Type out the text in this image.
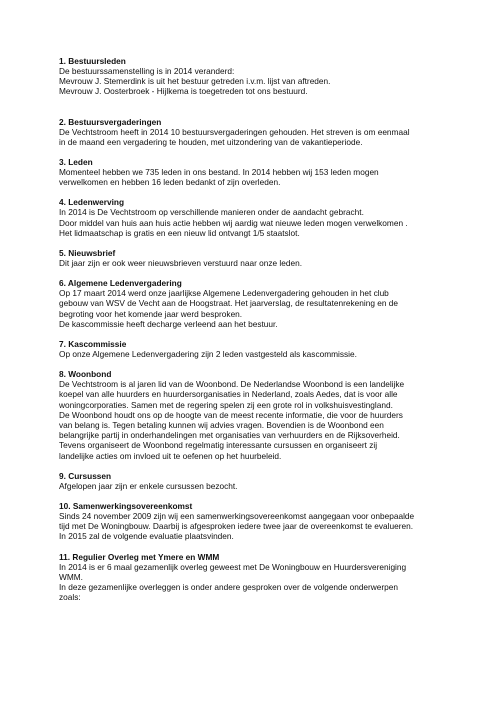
1. Bestuursleden

De bestuurssamenstelling is in 2014 veranderd:

Mevrouw J. Stemerdink is uit het bestuur getreden i.v.m. lijst van aftreden.

Mevrouw J. Oosterbroek - Hijlkema is toegetreden tot ons bestuurd.

2. Bestuursvergaderingen

De Vechtstroom heeft in 2014 10 bestuursvergaderingen gehouden. Het streven is om eenmaal

in de maand een vergadering te houden, met uitzondering van de vakantieperiode.

3. Leden

Momenteel hebben we 735 leden in ons bestand. In 2014 hebben wij 153 leden mogen

verwelkomen en hebben 16 leden bedankt of zijn overleden.

4. Ledenwerving

In 2014 is De Vechtstroom op verschillende manieren onder de aandacht gebracht.

Door middel van huis aan huis actie hebben wij aardig wat nieuwe leden mogen verwelkomen .

Het lidmaatschap is gratis en een nieuw lid ontvangt 1/5 staatslot.

5. Nieuwsbrief

Dit jaar zijn er ook weer nieuwsbrieven verstuurd naar onze leden.

6. Algemene Ledenvergadering

Op 17 maart 2014 werd onze jaarlijkse Algemene Ledenvergadering gehouden in het club

gebouw van WSV de Vecht aan de Hoogstraat. Het jaarverslag, de resultatenrekening en de

begroting voor het komende jaar werd besproken.

De kascommissie heeft decharge verleend aan het bestuur.

7. Kascommissie

Op onze Algemene Ledenvergadering zijn 2 leden vastgesteld als kascommissie.

8. Woonbond

De Vechtstroom is al jaren lid van de Woonbond. De Nederlandse Woonbond is een landelijke

koepel van alle huurders en huurdersorganisaties in Nederland, zoals Aedes, dat is voor alle

woningcorporaties. Samen met de regering spelen zij een grote rol in volkshuisvestingland.

De Woonbond houdt ons op de hoogte van de meest recente informatie, die voor de huurders

van belang is. Tegen betaling kunnen wij advies vragen. Bovendien is de Woonbond een

belangrijke partij in onderhandelingen met organisaties van verhuurders en de Rijksoverheid.

Tevens organiseert de Woonbond regelmatig interessante cursussen en organiseert zij

landelijke acties om invloed uit te oefenen op het huurbeleid.

9. Cursussen

Afgelopen jaar zijn er enkele cursussen bezocht.

10. Samenwerkingsovereenkomst

Sinds 24 november 2009 zijn wij een samenwerkingsovereenkomst aangegaan voor onbepaalde

tijd met De Woningbouw. Daarbij is afgesproken iedere twee jaar de overeenkomst te evalueren.

In 2015 zal de volgende evaluatie plaatsvinden.

11. Regulier Overleg met Ymere en WMM

In 2014 is er 6 maal gezamenlijk overleg geweest met De Woningbouw en Huurdersvereniging

WMM.

In deze gezamenlijke overleggen is onder andere gesproken over de volgende onderwerpen

zoals:
